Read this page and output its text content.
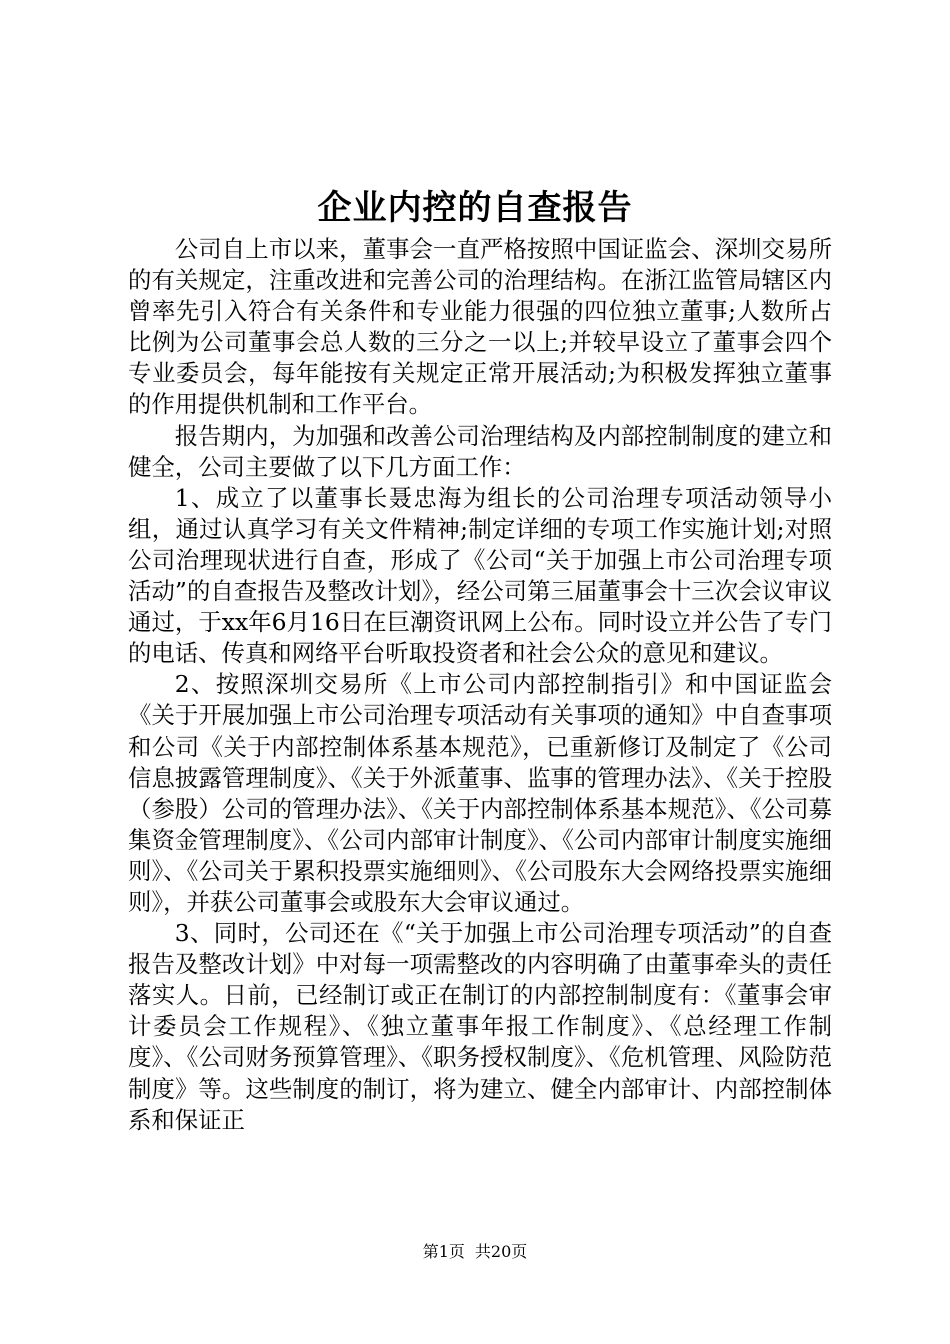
企业内控的自查报告

公司自上市以来，董事会一直严格按照中国证监会、深圳交易所的有关规定，注重改进和完善公司的治理结构。在浙江监管局辖区内曾率先引入符合有关条件和专业能力很强的四位独立董事;人数所占比例为公司董事会总人数的三分之一以上;并较早设立了董事会四个专业委员会，每年能按有关规定正常开展活动;为积极发挥独立董事的作用提供机制和工作平台。

报告期内，为加强和改善公司治理结构及内部控制制度的建立和健全，公司主要做了以下几方面工作：

1、成立了以董事长聂忠海为组长的公司治理专项活动领导小组，通过认真学习有关文件精神;制定详细的专项工作实施计划;对照公司治理现状进行自查，形成了《公司“关于加强上市公司治理专项活动”的自查报告及整改计划》，经公司第三届董事会十三次会议审议通过，于xx年6月16日在巨潮资讯网上公布。同时设立并公告了专门的电话、传真和网络平台听取投资者和社会公众的意见和建议。

2、按照深圳交易所《上市公司内部控制指引》和中国证监会《关于开展加强上市公司治理专项活动有关事项的通知》中自查事项和公司《关于内部控制体系基本规范》，已重新修订及制定了《公司信息披露管理制度》、《关于外派董事、监事的管理办法》、《关于控股（参股）公司的管理办法》、《关于内部控制体系基本规范》、《公司募集资金管理制度》、《公司内部审计制度》、《公司内部审计制度实施细则》、《公司关于累积投票实施细则》、《公司股东大会网络投票实施细则》，并获公司董事会或股东大会审议通过。

3、同时，公司还在《“关于加强上市公司治理专项活动”的自查报告及整改计划》中对每一项需整改的内容明确了由董事牵头的责任落实人。日前，已经制订或正在制订的内部控制制度有：《董事会审计委员会工作规程》、《独立董事年报工作制度》、《总经理工作制度》、《公司财务预算管理》、《职务授权制度》、《危机管理、风险防范制度》等。这些制度的制订，将为建立、健全内部审计、内部控制体系和保证正

第1页 共20页
